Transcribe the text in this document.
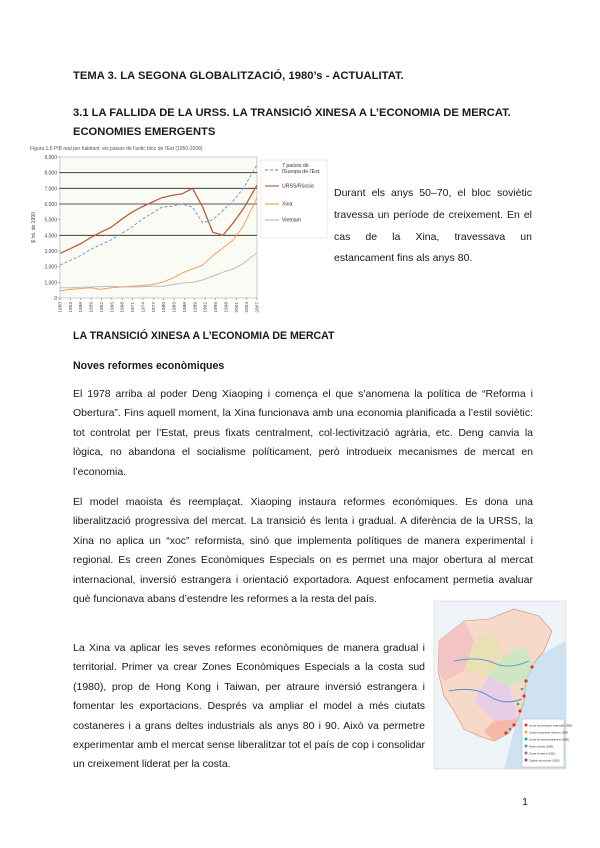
TEMA 3. LA SEGONA GLOBALITZACIÓ, 1980’s - ACTUALITAT.
3.1 LA FALLIDA DE LA URSS. LA TRANSICIÓ XINESA A L’ECONOMIA DE MERCAT. ECONOMIES EMERGENTS
Figura 1.5 PIB real per habitant: els països de l'antic bloc de l'Est (1950-2008)
0
1,000
2,000
3,000
4,000
5,000
6,000
7,000
8,000
9,000
$ Int. de 1990
1950 1953 1956 1959 1962 1965 1968 1971 1974 1977 1980 1983 1986 1989 1992 1995 1998 2001 2004 2007
7 països de l'Europa de l'Est
URSS/Rússia
Xina
Vietnam
Durant els anys 50–70, el bloc soviètic travessa un període de creixement. En el cas de la Xina, travessava un estancament fins als anys 80.
LA TRANSICIÓ XINESA A L’ECONOMIA DE MERCAT
Noves reformes econòmiques
El 1978 arriba al poder Deng Xiaoping i comença el que s’anomena la política de “Reforma i Obertura”. Fins aquell moment, la Xina funcionava amb una economia planificada a l’estil soviètic: tot controlat per l’Estat, preus fixats centralment, col·lectivització agrària, etc. Deng canvia la lògica, no abandona el socialisme políticament, però introdueix mecanismes de mercat en l’economia.
El model maoista és reemplaçat. Xiaoping instaura reformes econòmiques. Es dona una liberalització progressiva del mercat. La transició és lenta i gradual. A diferència de la URSS, la Xina no aplica un “xoc” reformista, sinó que implementa polítiques de manera experimental i regional. Es creen Zones Econòmiques Especials on es permet una major obertura al mercat internacional, inversió estrangera i orientació exportadora. Aquest enfocament permetia avaluar què funcionava abans d’estendre les reformes a la resta del país.
La Xina va aplicar les seves reformes econòmiques de manera gradual i territorial. Primer va crear Zones Econòmiques Especials a la costa sud (1980), prop de Hong Kong i Taiwan, per atraure inversió estrangera i fomentar les exportacions. Després va ampliar el model a més ciutats costaneres i a grans deltes industrials als anys 80 i 90. Això va permetre experimentar amb el mercat sense liberalitzar tot el país de cop i consolidar un creixement liderat per la costa.
Zones econòmiques especials (1980)
Ciutats costaneres obertes (1984)
Zones de desenvolupament (1985)
Àrees obertes (1988)
Zones fronteres (1992)
Capitals provincials (1992)
1
